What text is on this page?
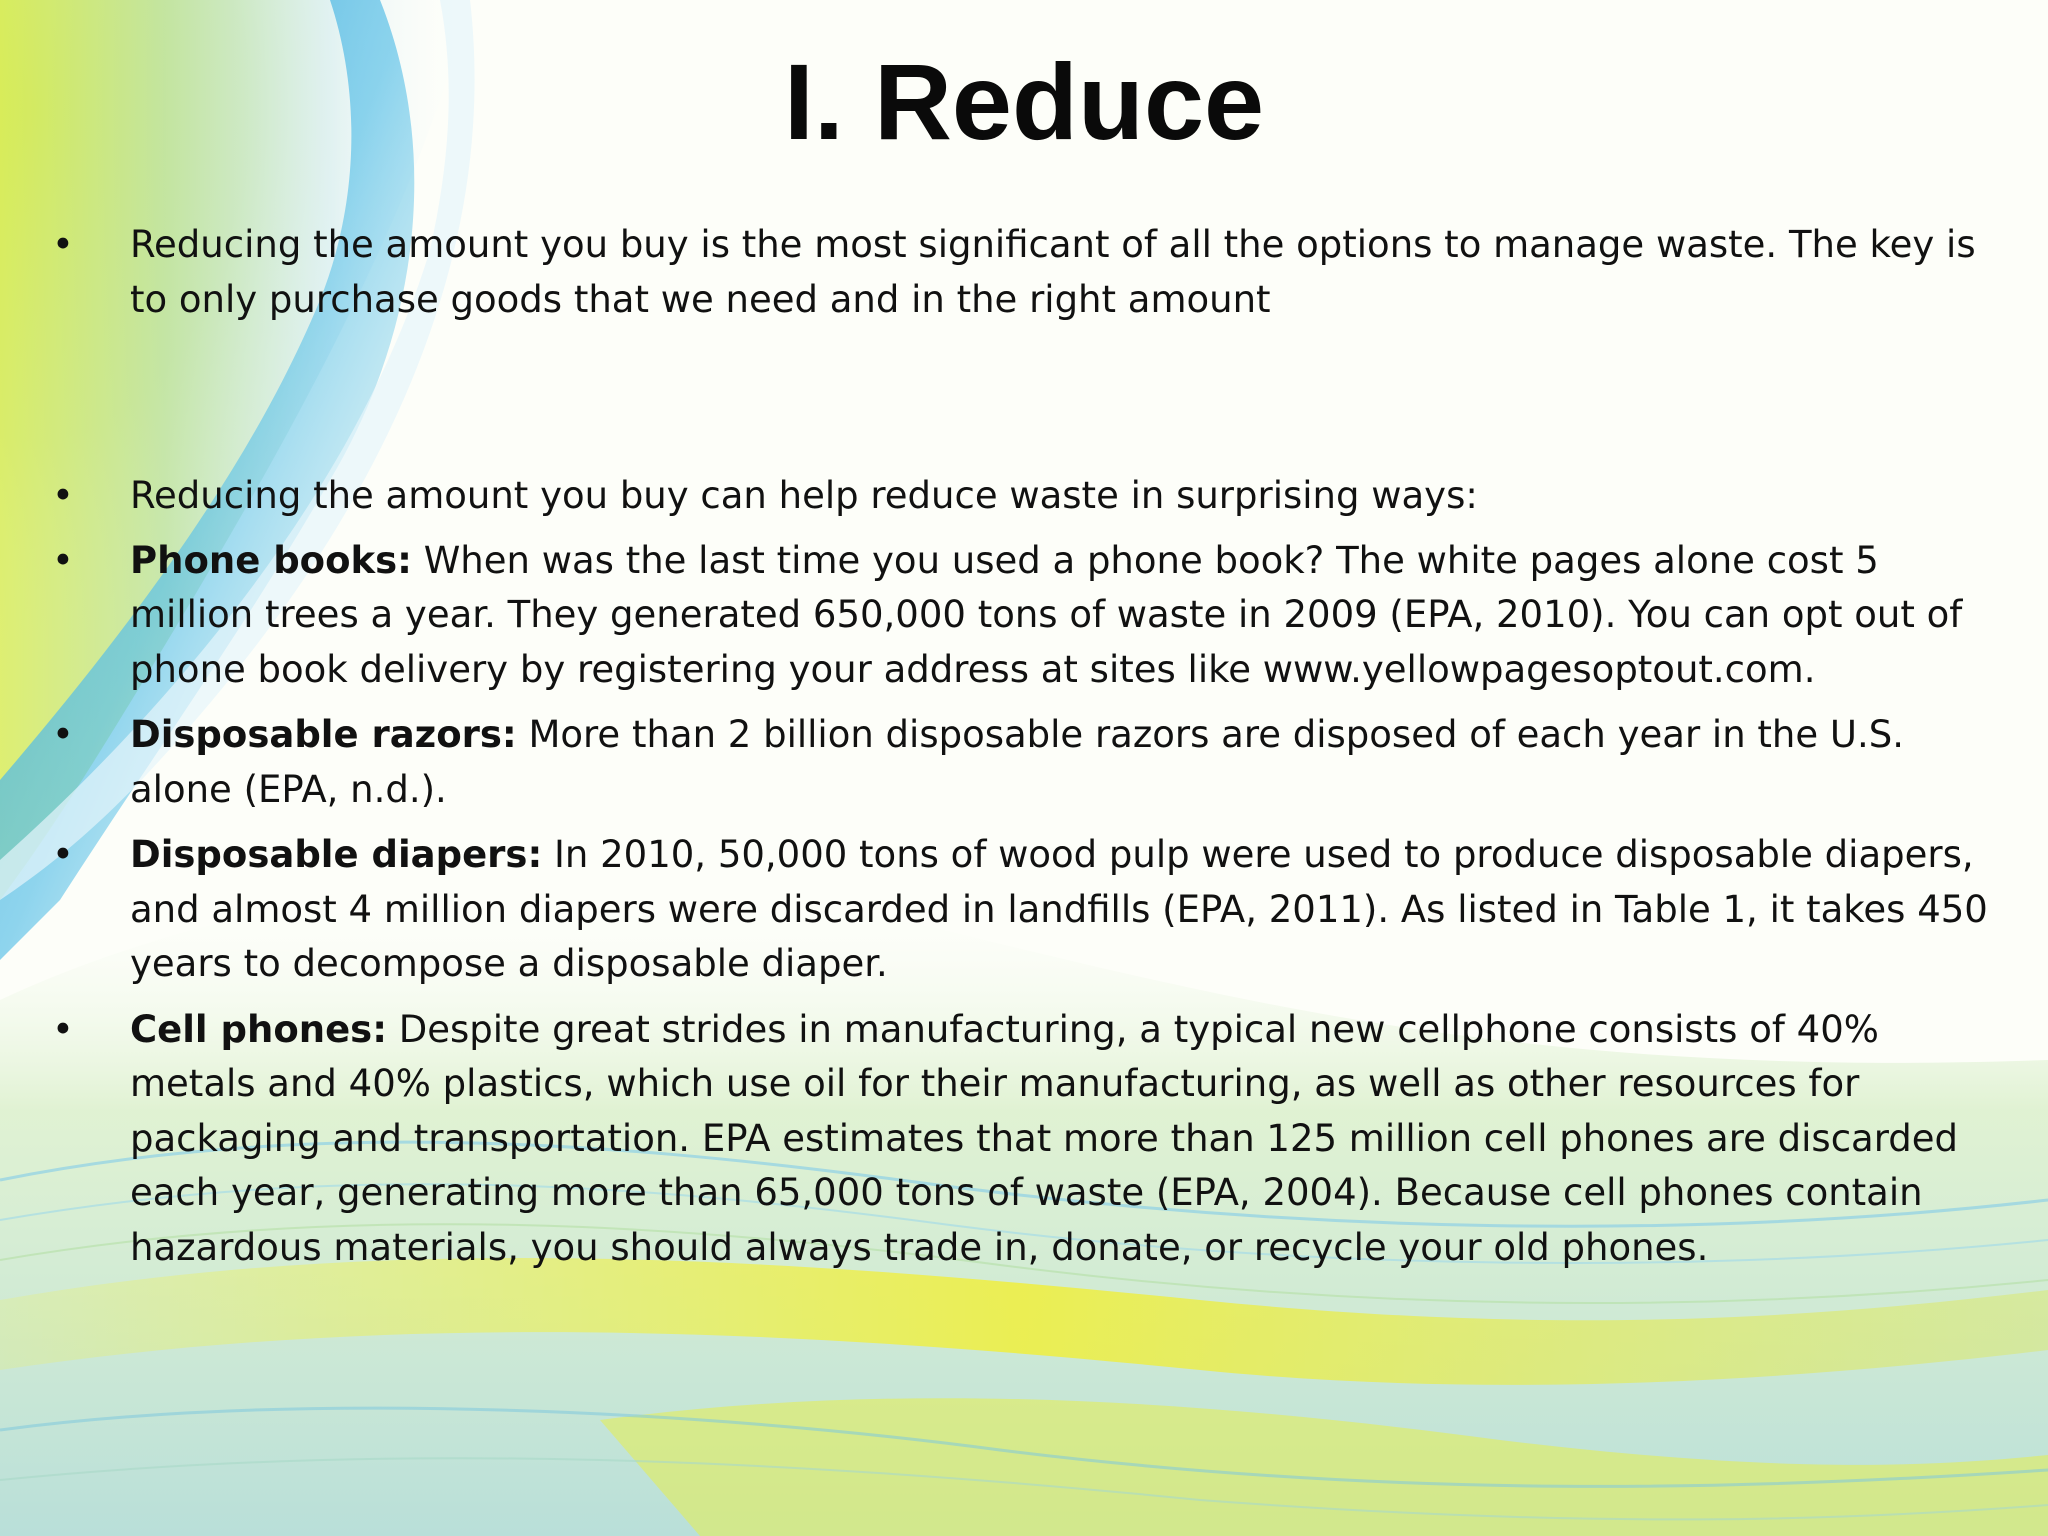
I. Reduce
• Reducing the amount you buy is the most significant of all the options to manage waste. The key is to only purchase goods that we need and in the right amount
• Reducing the amount you buy can help reduce waste in surprising ways:
• Phone books: When was the last time you used a phone book? The white pages alone cost 5 million trees a year. They generated 650,000 tons of waste in 2009 (EPA, 2010). You can opt out of phone book delivery by registering your address at sites like www.yellowpagesoptout.com.
• Disposable razors: More than 2 billion disposable razors are disposed of each year in the U.S. alone (EPA, n.d.).
• Disposable diapers: In 2010, 50,000 tons of wood pulp were used to produce disposable diapers, and almost 4 million diapers were discarded in landfills (EPA, 2011). As listed in Table 1, it takes 450 years to decompose a disposable diaper.
• Cell phones: Despite great strides in manufacturing, a typical new cellphone consists of 40% metals and 40% plastics, which use oil for their manufacturing, as well as other resources for packaging and transportation. EPA estimates that more than 125 million cell phones are discarded each year, generating more than 65,000 tons of waste (EPA, 2004). Because cell phones contain hazardous materials, you should always trade in, donate, or recycle your old phones.
